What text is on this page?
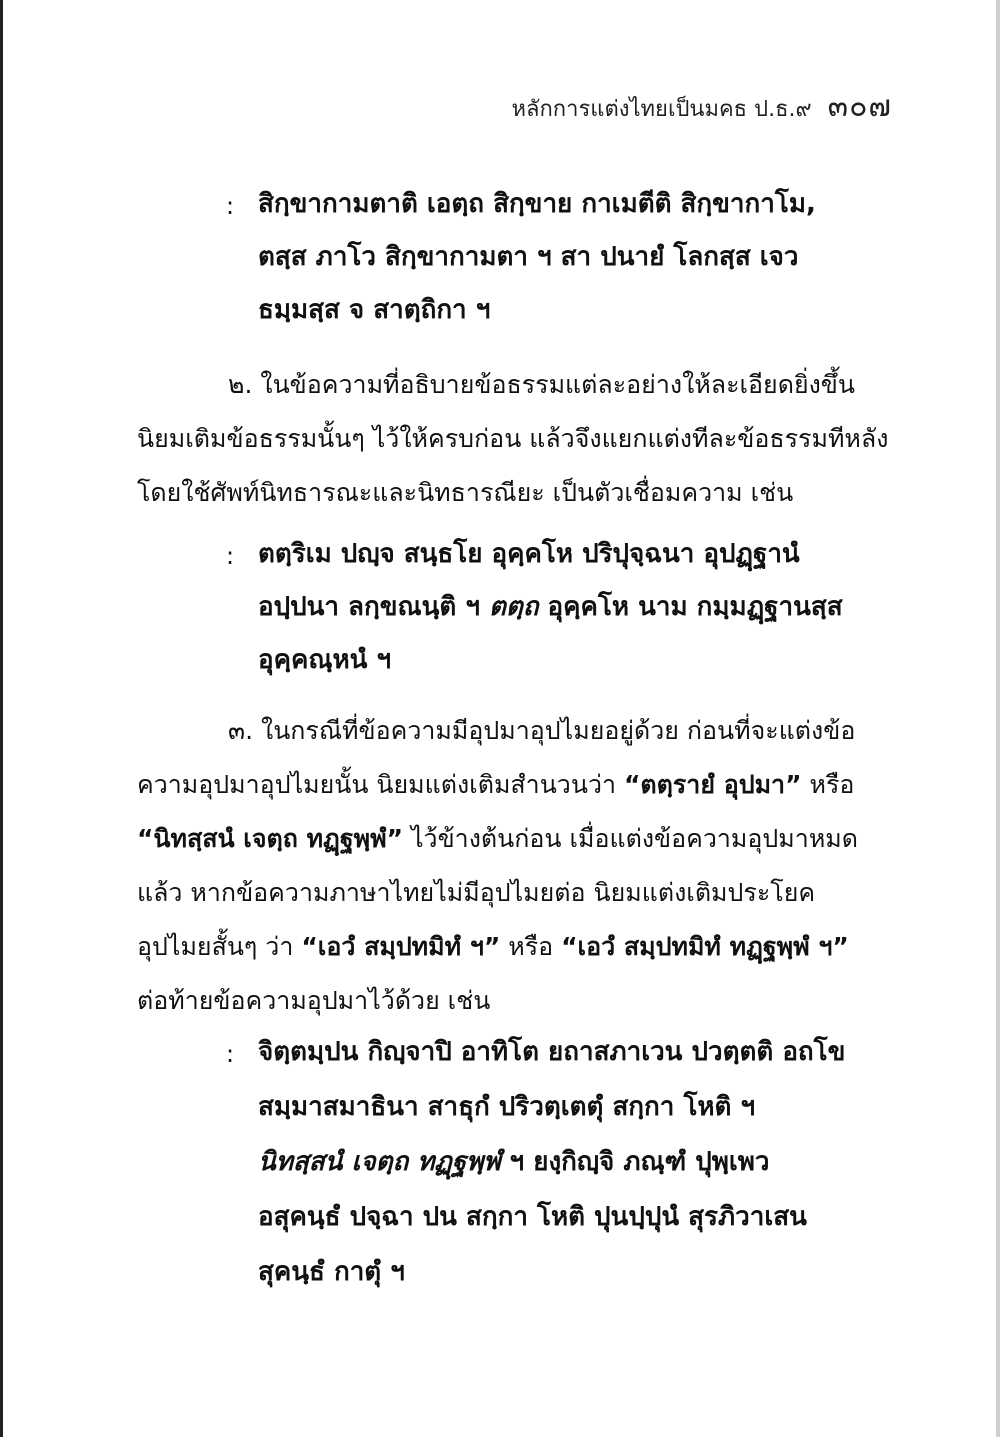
หลักการแต่งไทยเป็นมคธ ป.ธ.๙ ๓๐๗
: สิกฺขากามตาติ เอตฺถ สิกฺขาย กาเมตีติ สิกฺขากาโม,
ตสฺส ภาโว สิกฺขากามตา ฯ สา ปนายํ โลกสฺส เจว
ธมฺมสฺส จ สาตฺถิกา ฯ
๒. ในข้อความที่อธิบายข้อธรรมแต่ละอย่างให้ละเอียดยิ่งขึ้น
นิยมเติมข้อธรรมนั้นๆ ไว้ให้ครบก่อน แล้วจึงแยกแต่งทีละข้อธรรมทีหลัง
โดยใช้ศัพท์นิทธารณะและนิทธารณียะ เป็นตัวเชื่อมความ เช่น
: ตตฺริเม ปญฺจ สนฺธโย อุคฺคโห ปริปุจฺฉนา อุปฏฺฐานํ
อปฺปนา ลกฺขณนฺติ ฯ ตตฺถ อุคฺคโห นาม กมฺมฏฺฐานสฺส
อุคฺคณฺหนํ ฯ
๓. ในกรณีที่ข้อความมีอุปมาอุปไมยอยู่ด้วย ก่อนที่จะแต่งข้อ
ความอุปมาอุปไมยนั้น นิยมแต่งเติมสำนวนว่า “ตตฺรายํ อุปมา” หรือ
“นิทสฺสนํ เจตฺถ ทฏฺฐพฺพํ” ไว้ข้างต้นก่อน เมื่อแต่งข้อความอุปมาหมด
แล้ว หากข้อความภาษาไทยไม่มีอุปไมยต่อ นิยมแต่งเติมประโยค
อุปไมยสั้นๆ ว่า “เอวํ สมฺปทมิทํ ฯ” หรือ “เอวํ สมฺปทมิทํ ทฏฺฐพฺพํ ฯ”
ต่อท้ายข้อความอุปมาไว้ด้วย เช่น
: จิตฺตมฺปน กิญฺจาปิ อาทิโต ยถาสภาเวน ปวตฺตติ อถโข
สมฺมาสมาธินา สาธุกํ ปริวตฺเตตุํ สกฺกา โหติ ฯ
นิทสฺสนํ เจตฺถ ทฏฺฐพฺพํ ฯ ยงฺกิญฺจิ ภณฺฑํ ปุพฺเพว
อสุคนฺธํ ปจฺฉา ปน สกฺกา โหติ ปุนปฺปุนํ สุรภิวาเสน
สุคนฺธํ กาตุํ ฯ
